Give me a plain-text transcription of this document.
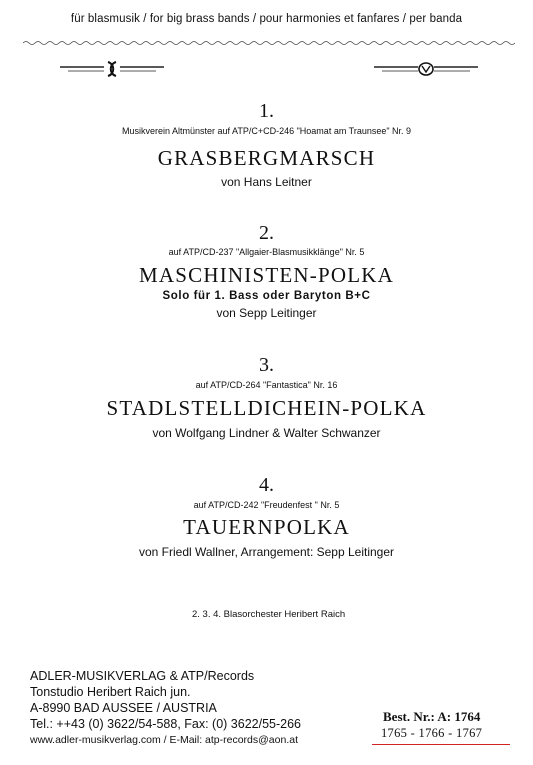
für blasmusik / for big brass bands / pour harmonies et fanfares / per banda
1.
Musikverein Altmünster auf ATP/C+CD-246 "Hoamat am Traunsee" Nr. 9
GRASBERGMARSCH
von Hans Leitner
2.
auf ATP/CD-237 "Allgaier-Blasmusikklänge" Nr. 5
MASCHINISTEN-POLKA
Solo für 1. Bass oder Baryton B+C
von Sepp Leitinger
3.
auf ATP/CD-264 "Fantastica" Nr. 16
STADLSTELLDICHEIN-POLKA
von Wolfgang Lindner & Walter Schwanzer
4.
auf ATP/CD-242 "Freudenfest " Nr. 5
TAUERNPOLKA
von Friedl Wallner, Arrangement: Sepp Leitinger
2. 3. 4. Blasorchester Heribert Raich
ADLER-MUSIKVERLAG & ATP/Records
Tonstudio Heribert Raich jun.
A-8990 BAD AUSSEE / AUSTRIA
Tel.: ++43 (0) 3622/54-588, Fax: (0) 3622/55-266
www.adler-musikverlag.com / E-Mail: atp-records@aon.at
Best. Nr.: A: 1764
1765 - 1766 - 1767
